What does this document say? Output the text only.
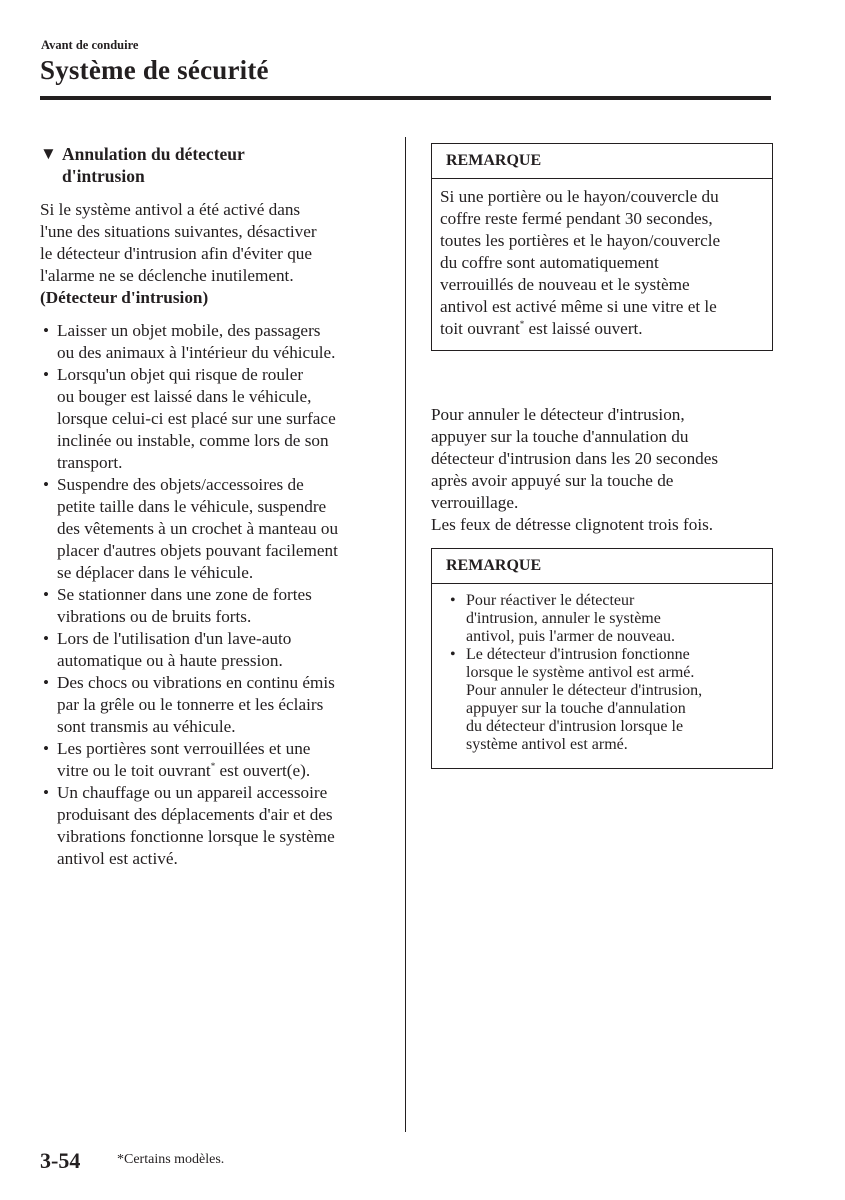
Avant de conduire
Système de sécurité
▼ Annulation du détecteur
d'intrusion

Si le système antivol a été activé dans
l'une des situations suivantes, désactiver
le détecteur d'intrusion afin d'éviter que
l'alarme ne se déclenche inutilement.

(Détecteur d'intrusion)
• Laisser un objet mobile, des passagers
ou des animaux à l'intérieur du véhicule.
• Lorsqu'un objet qui risque de rouler
ou bouger est laissé dans le véhicule,
lorsque celui-ci est placé sur une surface
inclinée ou instable, comme lors de son
transport.
• Suspendre des objets/accessoires de
petite taille dans le véhicule, suspendre
des vêtements à un crochet à manteau ou
placer d'autres objets pouvant facilement
se déplacer dans le véhicule.
• Se stationner dans une zone de fortes
vibrations ou de bruits forts.
• Lors de l'utilisation d'un lave-auto
automatique ou à haute pression.
• Des chocs ou vibrations en continu émis
par la grêle ou le tonnerre et les éclairs
sont transmis au véhicule.
• Les portières sont verrouillées et une
vitre ou le toit ouvrant* est ouvert(e).
• Un chauffage ou un appareil accessoire
produisant des déplacements d'air et des
vibrations fonctionne lorsque le système
antivol est activé.
REMARQUE
Si une portière ou le hayon/couvercle du
coffre reste fermé pendant 30 secondes,
toutes les portières et le hayon/couvercle
du coffre sont automatiquement
verrouillés de nouveau et le système
antivol est activé même si une vitre et le
toit ouvrant* est laissé ouvert.
Pour annuler le détecteur d'intrusion,
appuyer sur la touche d'annulation du
détecteur d'intrusion dans les 20 secondes
après avoir appuyé sur la touche de
verrouillage.
Les feux de détresse clignotent trois fois.
REMARQUE
• Pour réactiver le détecteur
d'intrusion, annuler le système
antivol, puis l'armer de nouveau.
• Le détecteur d'intrusion fonctionne
lorsque le système antivol est armé.
Pour annuler le détecteur d'intrusion,
appuyer sur la touche d'annulation
du détecteur d'intrusion lorsque le
système antivol est armé.
3-54	*Certains modèles.
